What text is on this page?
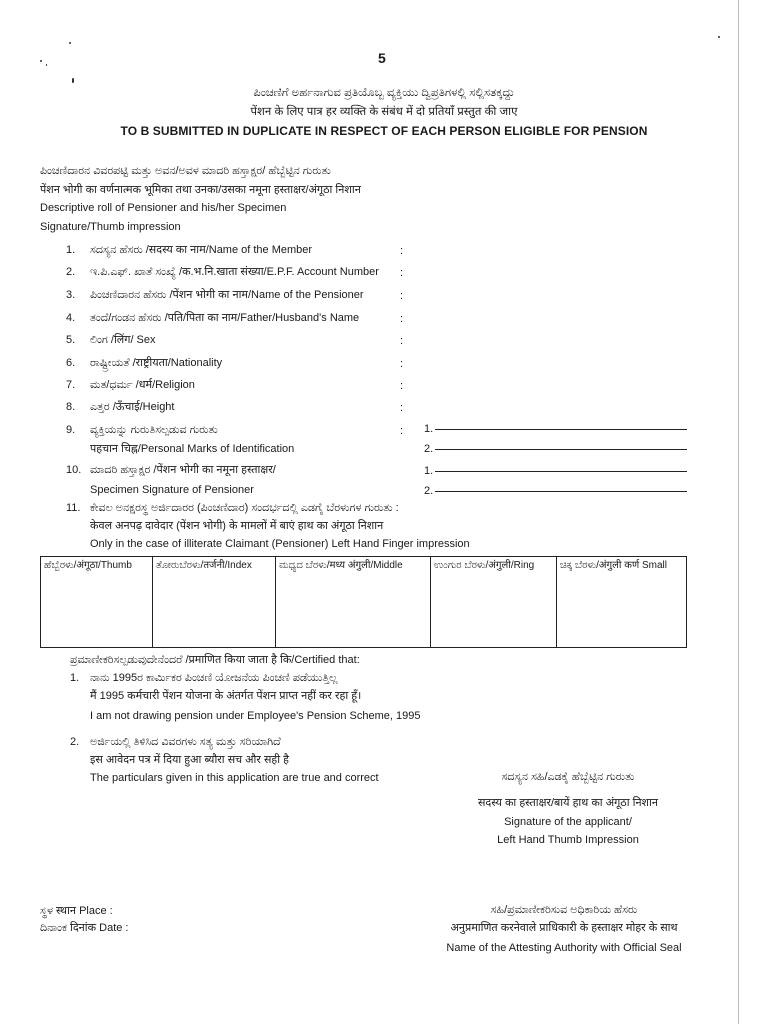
5
ಪಿಂಚಣಿಗೆ ಅರ್ಹನಾಗುವ ಪ್ರತಿಯೊಬ್ಬ ವ್ಯಕ್ತಿಯು ದ್ವಿಪ್ರತಿಗಳಲ್ಲಿ ಸಲ್ಲಿಸತಕ್ಕದ್ದು
पेंशन के लिए पात्र हर व्यक्ति के संबंध में दो प्रतियाँ प्रस्तुत की जाए
TO B SUBMITTED IN DUPLICATE IN RESPECT OF EACH PERSON ELIGIBLE FOR PENSION
ಪಿಂಚಣಿದಾರನ ವಿವರಪಟ್ಟಿ ಮತ್ತು ಅವನ/ಅವಳ ಮಾದರಿ ಹಸ್ತಾಕ್ಷರ/ ಹೆಬ್ಬೆಟ್ಟಿನ ಗುರುತು
पेंशन भोगी का वर्णनात्मक भूमिका तथा उनका/उसका नमूना हस्ताक्षर/अंगूठा निशान
Descriptive roll of Pensioner and his/her Specimen
Signature/Thumb impression
1. ಸದಸ್ಯನ ಹೆಸರು /सदस्य का नाम/Name of the Member	:
2. ಇ.ಪಿ.ಎಫ್. ಖಾತೆ ಸಂಖ್ಯೆ /क.भ.नि.खाता संख्या/E.P.F. Account Number :
3. ಪಿಂಚಣಿದಾರನ ಹೆಸರು /पेंशन भोगी का नाम/Name of the Pensioner	:
4. ತಂದೆ/ಗಂಡನ ಹೆಸರು /पति/पिता का नाम/Father/Husband's Name	:
5. ಲಿಂಗ /लिंग/ Sex	:
6. ರಾಷ್ಟ್ರೀಯತೆ /राष्ट्रीयता/Nationality	:
7. ಮತ/ಧರ್ಮ /धर्म/Religion	:
8. ಎತ್ತರ /ऊँचाई/Height	:
9. ವ್ಯಕ್ತಿಯನ್ನು ಗುರುತಿಸಲ್ಪಡುವ ಗುರುತು
पहचान चिह्न/Personal Marks of Identification
: 1.
2.
10. ಮಾದರಿ ಹಸ್ತಾಕ್ಷರ /पेंशन भोगी का नमूना हस्ताक्षर/
Specimen Signature of Pensioner
1.
2.
11. ಕೇವಲ ಅನಕ್ಷರಸ್ಥ ಅರ್ಜಿದಾರರ (ಪಿಂಚಣಿದಾರ) ಸಂದರ್ಭದಲ್ಲಿ ಎಡಗೈ ಬೆರಳುಗಳ ಗುರುತು :
केवल अनपढ़ दावेदार (पेंशन भोगी) के मामलों में बाएं हाथ का अंगूठा निशान
Only in the case of illiterate Claimant (Pensioner) Left Hand Finger impression
ಹೆಬ್ಬೆರಳು/अंगूठा/Thumb	ತೋರುಬೆರಳು/तर्जनी/Index	ಮಧ್ಯದ ಬೆರಳು/मध्य अंगुली/Middle	ಉಂಗುರ ಬೆರಳು/अंगुली/Ring	ಚಿಕ್ಕ ಬೆರಳು/अंगुली कर्ण Small

ಪ್ರಮಾಣೀಕರಿಸಲ್ಪಡುವುದೇನೆಂದರೆ /प्रमाणित किया जाता है कि/Certified that:
1. ನಾನು 1995ರ ಕಾರ್ಮಿಕರ ಪಿಂಚಣಿ ಯೋಜನೆಯ ಪಿಂಚಣಿ ಪಡೆಯುತ್ತಿಲ್ಲ
मैं 1995 कर्मचारी पेंशन योजना के अंतर्गत पेंशन प्राप्त नहीं कर रहा हूँ।
I am not drawing pension under Employee's Pension Scheme, 1995
2. ಅರ್ಜಿಯಲ್ಲಿ ತಿಳಿಸಿದ ವಿವರಗಳು ಸತ್ಯ ಮತ್ತು ಸರಿಯಾಗಿದೆ
इस आवेदन पत्र में दिया हुआ ब्यौरा सच और सही है
The particulars given in this application are true and correct	ಸದಸ್ಯನ ಸಹಿ/ಎಡಕೈ ಹೆಬ್ಬೆಟ್ಟಿನ ಗುರುತು
सदस्य का हस्ताक्षर/बायें हाथ का अंगूठा निशान
Signature of the applicant/
Left Hand Thumb Impression
ಸ್ಥಳ स्थान Place :
ದಿನಾಂಕ दिनांक Date :
ಸಹಿ/ಪ್ರಮಾಣೀಕರಿಸುವ ಅಧಿಕಾರಿಯ ಹೆಸರು
अनुप्रमाणित करनेवाले प्राधिकारी के हस्ताक्षर मोहर के साथ
Name of the Attesting Authority with Official Seal
